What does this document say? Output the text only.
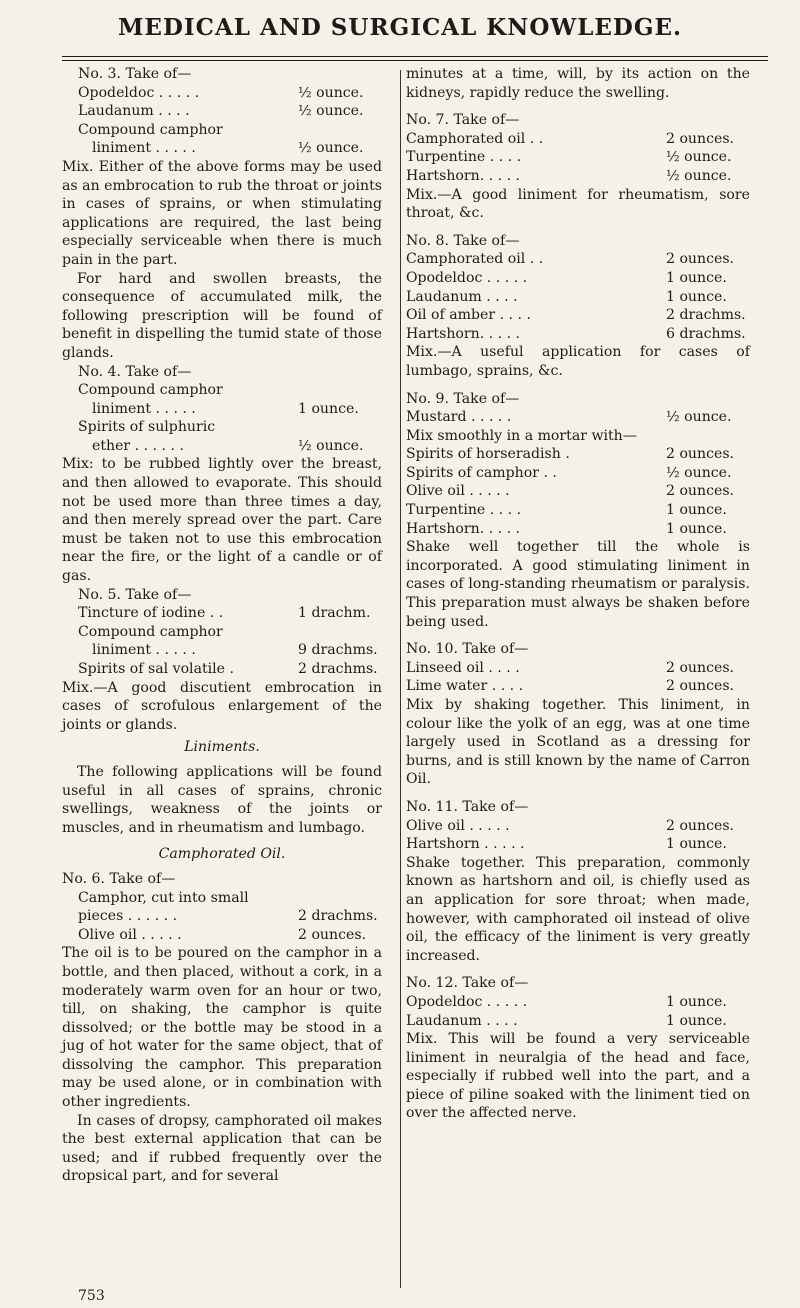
MEDICAL AND SURGICAL KNOWLEDGE.
No. 3. Take of—
Opodeldoc . . . . .	½ ounce.
Laudanum . . . .	½ ounce.
Compound camphor
liniment . . . . .	½ ounce.

Mix. Either of the above forms may be used as an embrocation to rub the throat or joints in cases of sprains, or when stimulating applications are required, the last being especially serviceable when there is much pain in the part.

For hard and swollen breasts, the consequence of accumulated milk, the following prescription will be found of benefit in dispelling the tumid state of those glands.

No. 4. Take of—
Compound camphor
liniment . . . . .	1 ounce.
Spirits of sulphuric
ether . . . . . .	½ ounce.

Mix: to be rubbed lightly over the breast, and then allowed to evaporate. This should not be used more than three times a day, and then merely spread over the part. Care must be taken not to use this embrocation near the fire, or the light of a candle or of gas.

No. 5. Take of—
Tincture of iodine . .	1 drachm.
Compound camphor
liniment . . . . .	9 drachms.
Spirits of sal volatile .	2 drachms.

Mix.—A good discutient embrocation in cases of scrofulous enlargement of the joints or glands.

Liniments.

The following applications will be found useful in all cases of sprains, chronic swellings, weakness of the joints or muscles, and in rheumatism and lumbago.

Camphorated Oil.
No. 6. Take of—
Camphor, cut into small
pieces . . . . . .	2 drachms.
Olive oil . . . . .	2 ounces.

The oil is to be poured on the camphor in a bottle, and then placed, without a cork, in a moderately warm oven for an hour or two, till, on shaking, the camphor is quite dissolved; or the bottle may be stood in a jug of hot water for the same object, that of dissolving the camphor. This preparation may be used alone, or in combination with other ingredients.

In cases of dropsy, camphorated oil makes the best external application that can be used; and if rubbed frequently over the dropsical part, and for several

minutes at a time, will, by its action on the kidneys, rapidly reduce the swelling.

No. 7. Take of—
Camphorated oil . .	2 ounces.
Turpentine . . . .	½ ounce.
Hartshorn. . . . .	½ ounce.

Mix.—A good liniment for rheumatism, sore throat, &c.

No. 8. Take of—
Camphorated oil . .	2 ounces.
Opodeldoc . . . . .	1 ounce.
Laudanum . . . .	1 ounce.
Oil of amber . . . .	2 drachms.
Hartshorn. . . . .	6 drachms.

Mix.—A useful application for cases of lumbago, sprains, &c.

No. 9. Take of—
Mustard . . . . .	½ ounce.
Mix smoothly in a mortar with—
Spirits of horseradish .	2 ounces.
Spirits of camphor . .	½ ounce.
Olive oil . . . . .	2 ounces.
Turpentine . . . .	1 ounce.
Hartshorn. . . . .	1 ounce.

Shake well together till the whole is incorporated. A good stimulating liniment in cases of long-standing rheumatism or paralysis. This preparation must always be shaken before being used.

No. 10. Take of—
Linseed oil . . . .	2 ounces.
Lime water . . . .	2 ounces.

Mix by shaking together. This liniment, in colour like the yolk of an egg, was at one time largely used in Scotland as a dressing for burns, and is still known by the name of Carron Oil.

No. 11. Take of—
Olive oil . . . . .	2 ounces.
Hartshorn . . . . .	1 ounce.

Shake together. This preparation, commonly known as hartshorn and oil, is chiefly used as an application for sore throat; when made, however, with camphorated oil instead of olive oil, the efficacy of the liniment is very greatly increased.

No. 12. Take of—
Opodeldoc . . . . .	1 ounce.
Laudanum . . . .	1 ounce.

Mix. This will be found a very serviceable liniment in neuralgia of the head and face, especially if rubbed well into the part, and a piece of piline soaked with the liniment tied on over the affected nerve.

753
